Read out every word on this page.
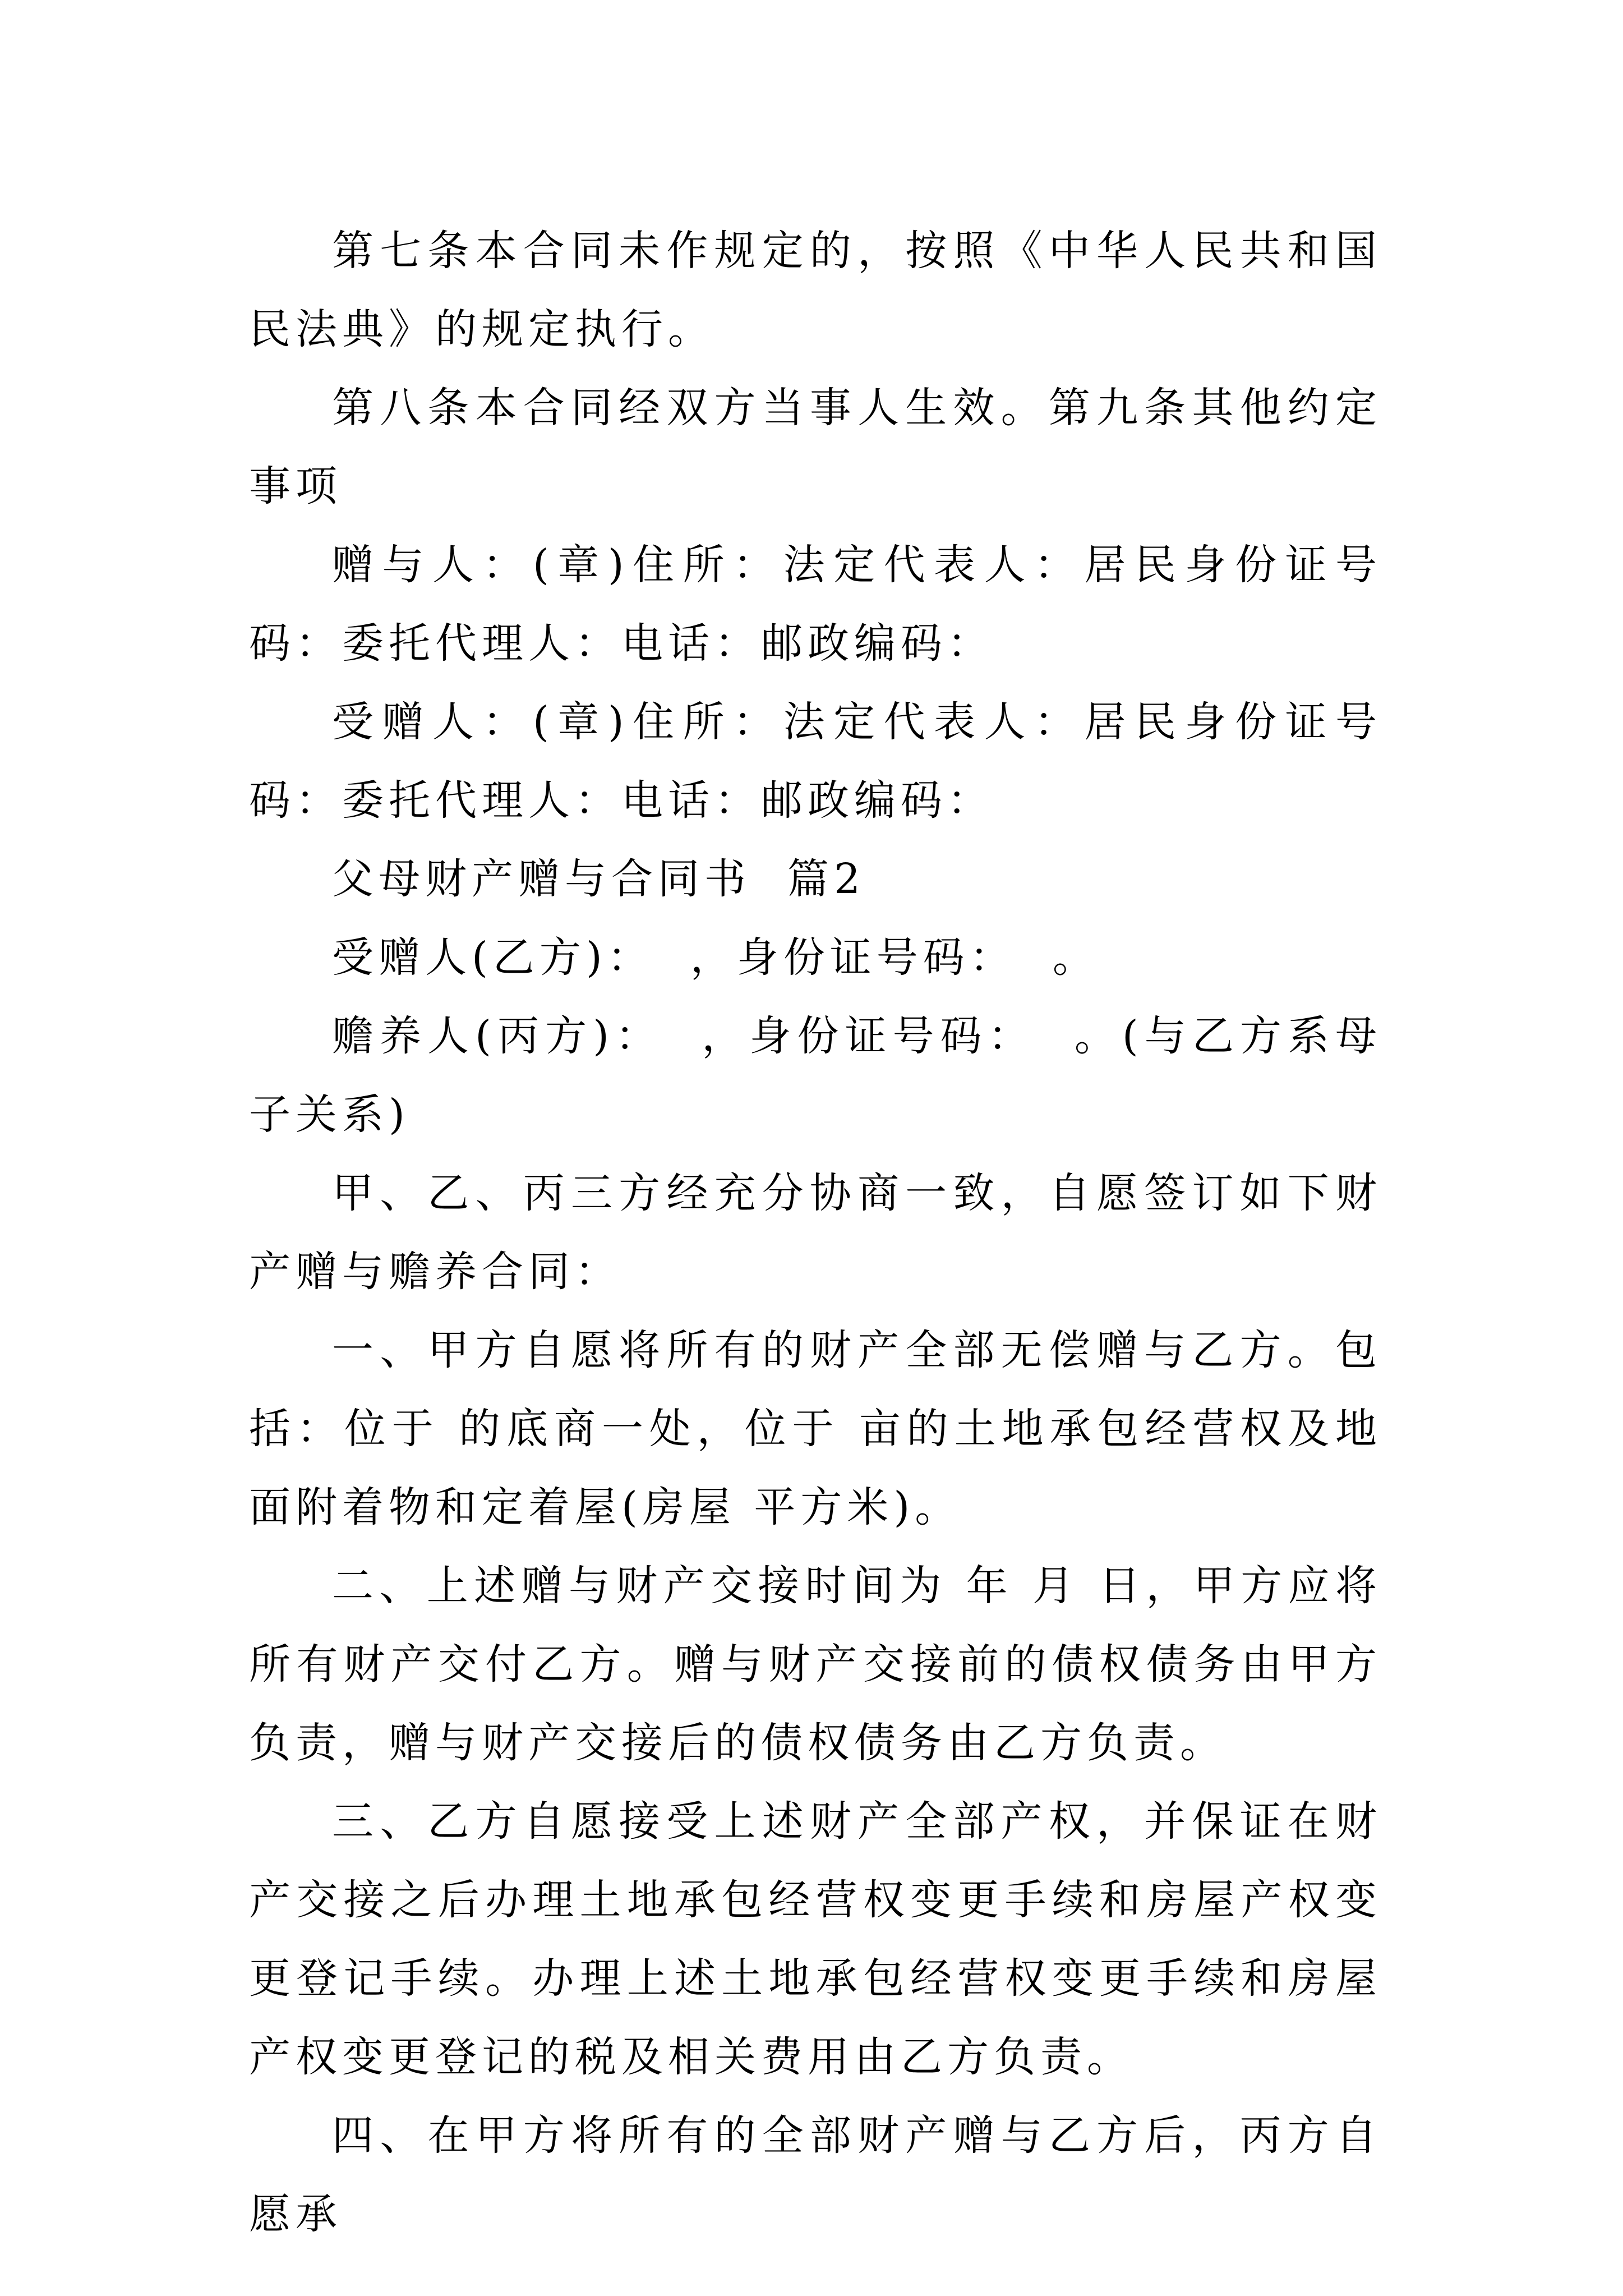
第七条本合同未作规定的，按照《中华人民共和国民法典》的规定执行。

第八条本合同经双方当事人生效。第九条其他约定事项

赠与人：(章)住所：法定代表人：居民身份证号码：委托代理人：电话：邮政编码：

受赠人：(章)住所：法定代表人：居民身份证号码：委托代理人：电话：邮政编码：

父母财产赠与合同书  篇2

受赠人(乙方)：  ，身份证号码：  。

赡养人(丙方)：  ，身份证号码：  。(与乙方系母子关系)

甲、乙、丙三方经充分协商一致，自愿签订如下财产赠与赡养合同：

一、甲方自愿将所有的财产全部无偿赠与乙方。包括：位于 的底商一处，位于 亩的土地承包经营权及地面附着物和定着屋(房屋 平方米)。

二、上述赠与财产交接时间为 年 月 日，甲方应将所有财产交付乙方。赠与财产交接前的债权债务由甲方负责，赠与财产交接后的债权债务由乙方负责。

三、乙方自愿接受上述财产全部产权，并保证在财产交接之后办理土地承包经营权变更手续和房屋产权变更登记手续。办理上述土地承包经营权变更手续和房屋产权变更登记的税及相关费用由乙方负责。

四、在甲方将所有的全部财产赠与乙方后，丙方自愿承
